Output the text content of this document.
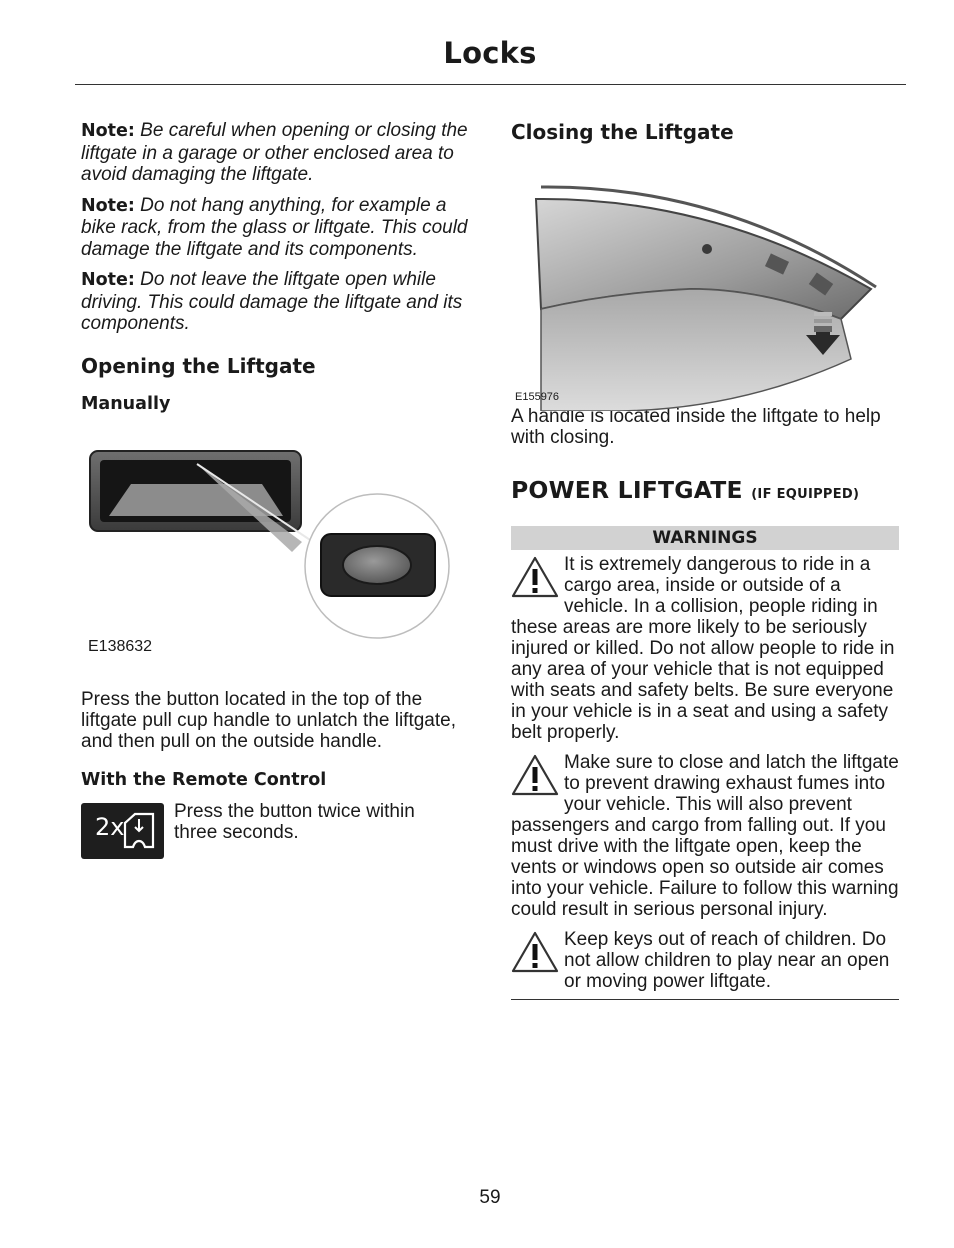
Locks

Note: Be careful when opening or closing the liftgate in a garage or other enclosed area to avoid damaging the liftgate.

Note: Do not hang anything, for example a bike rack, from the glass or liftgate. This could damage the liftgate and its components.

Note: Do not leave the liftgate open while driving. This could damage the liftgate and its components.

Opening the Liftgate
Manually
E138632

Press the button located in the top of the liftgate pull cup handle to unlatch the liftgate, and then pull on the outside handle.

With the Remote Control
2x

Press the button twice within three seconds.

Closing the Liftgate
E155976

A handle is located inside the liftgate to help with closing.

POWER LIFTGATE (IF EQUIPPED)
WARNINGS
It is extremely dangerous to ride in a cargo area, inside or outside of a vehicle. In a collision, people riding in these areas are more likely to be seriously injured or killed. Do not allow people to ride in any area of your vehicle that is not equipped with seats and safety belts. Be sure everyone in your vehicle is in a seat and using a safety belt properly.
Make sure to close and latch the liftgate to prevent drawing exhaust fumes into your vehicle. This will also prevent passengers and cargo from falling out. If you must drive with the liftgate open, keep the vents or windows open so outside air comes into your vehicle. Failure to follow this warning could result in serious personal injury.
Keep keys out of reach of children. Do not allow children to play near an open or moving power liftgate.
59
